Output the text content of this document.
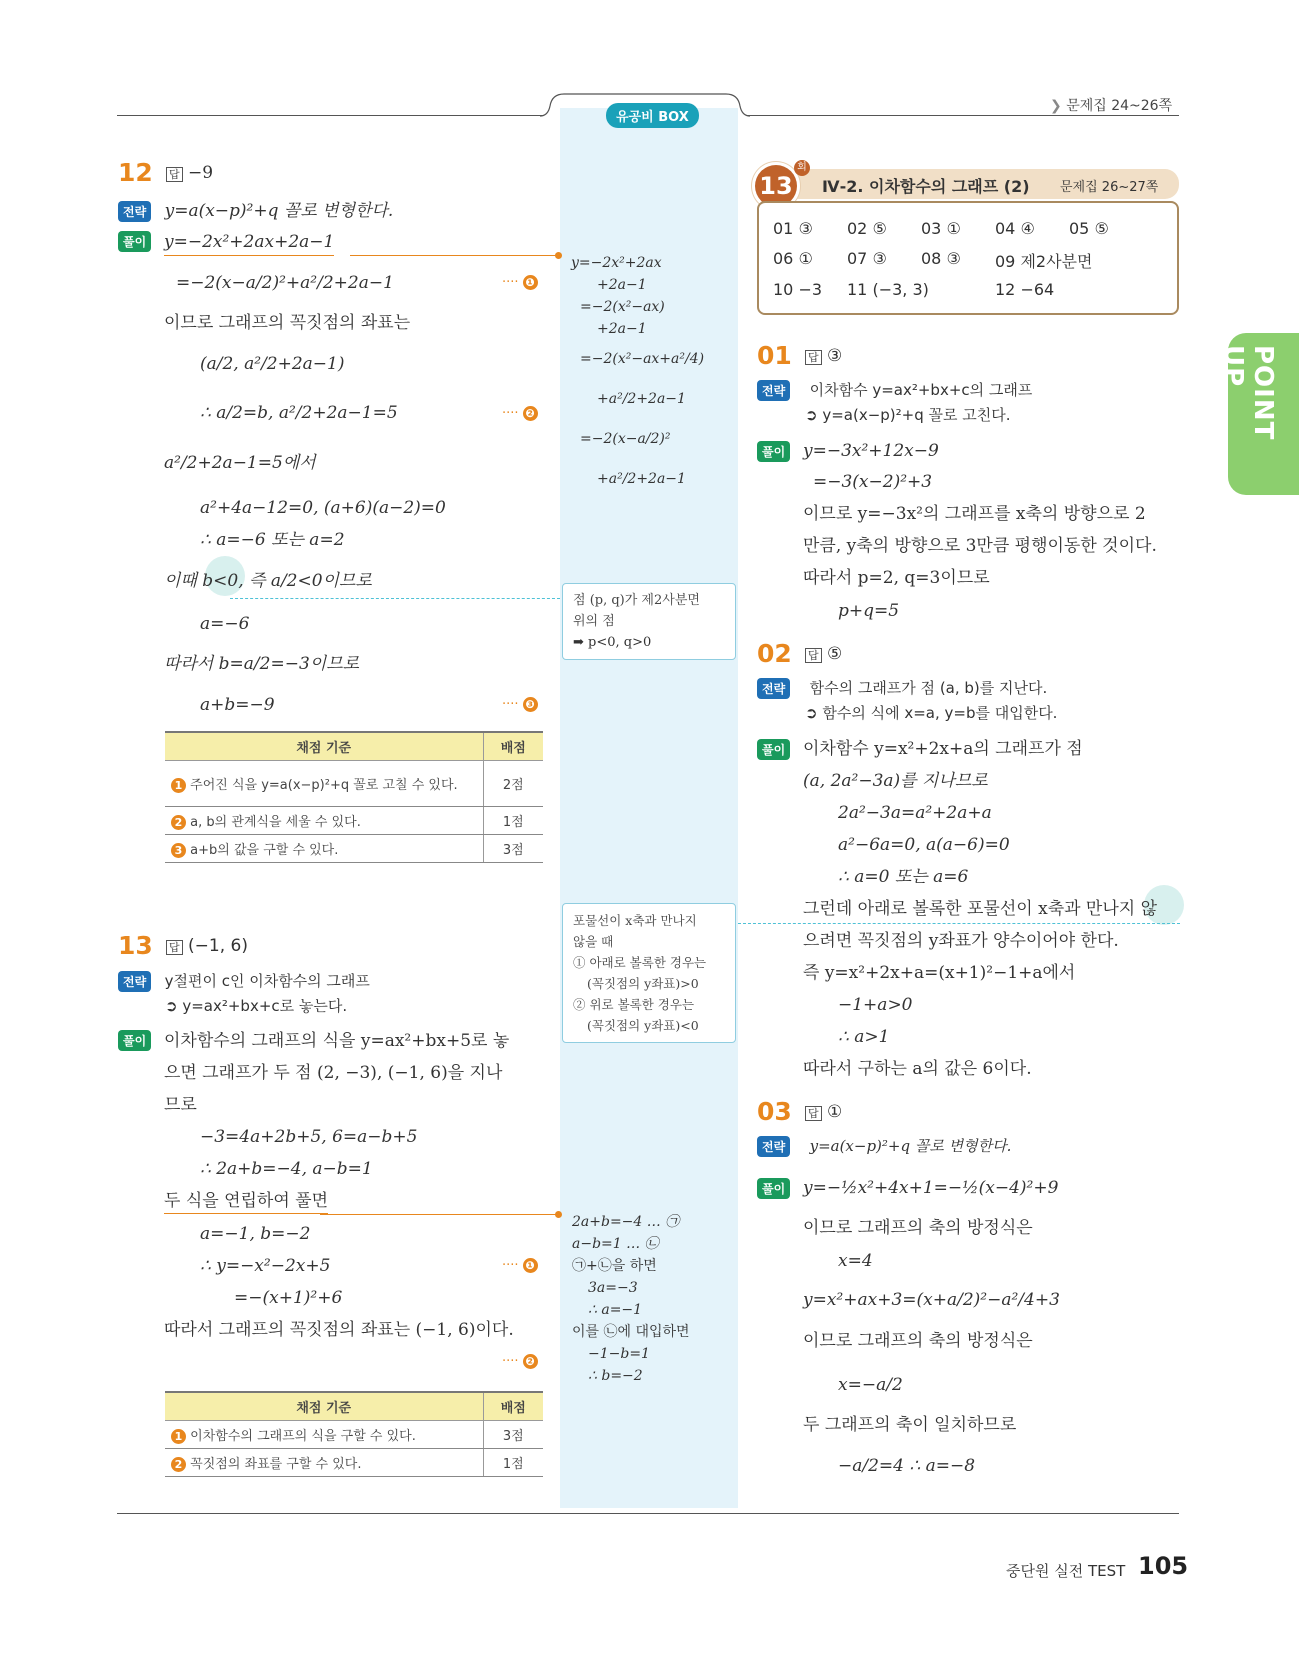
유공비 BOX
❯ 문제집 24~26쪽
12 답 −9
전략 y=a(x−p)²+q 꼴로 변형한다.
풀이 y=−2x²+2ax+2a−1
=−2(x−a/2)²+a²/2+2a−1	···· ❶
이므로 그래프의 꼭짓점의 좌표는
(a/2, a²/2+2a−1)
∴ a/2=b, a²/2+2a−1=5	···· ❷
a²/2+2a−1=5에서
a²+4a−12=0, (a+6)(a−2)=0
∴ a=−6 또는 a=2
이때 b<0, 즉 a/2<0이므로
a=−6
따라서 b=a/2=−3이므로
a+b=−9	···· ❸
채점 기준	배점
1 주어진 식을 y=a(x−p)²+q 꼴로 고칠 수 있다.	2점
2 a, b의 관계식을 세울 수 있다.	1점
3 a+b의 값을 구할 수 있다.	3점
13 답 (−1, 6)
전략 y절편이 c인 이차함수의 그래프
➲ y=ax²+bx+c로 놓는다.
풀이 이차함수의 그래프의 식을 y=ax²+bx+5로 놓
으면 그래프가 두 점 (2, −3), (−1, 6)을 지나
므로
−3=4a+2b+5, 6=a−b+5
∴ 2a+b=−4, a−b=1
두 식을 연립하여 풀면
a=−1, b=−2
∴ y=−x²−2x+5	···· ❶
=−(x+1)²+6
따라서 그래프의 꼭짓점의 좌표는 (−1, 6)이다.
···· ❷
채점 기준	배점
1 이차함수의 그래프의 식을 구할 수 있다.	3점
2 꼭짓점의 좌표를 구할 수 있다.	1점
y=−2x²+2ax
+2a−1
=−2(x²−ax)
+2a−1
=−2(x²−ax+a²/4)
+a²/2+2a−1
=−2(x−a/2)²
+a²/2+2a−1
점 (p, q)가 제2사분면
위의 점
➡ p<0, q>0
포물선이 x축과 만나지
않을 때
① 아래로 볼록한 경우는
(꼭짓점의 y좌표)>0
② 위로 볼록한 경우는
(꼭짓점의 y좌표)<0
2a+b=−4 … ㉠
a−b=1 … ㉡
㉠+㉡을 하면
3a=−3
∴ a=−1
이를 ㉡에 대입하면
−1−b=1
∴ b=−2
13
회
Ⅳ-2. 이차함수의 그래프 (2) 문제집 26~27쪽
01 ③ 02 ⑤ 03 ① 04 ④ 05 ⑤
06 ① 07 ③ 08 ③ 09 제2사분면
10 −3 11 (−3, 3)	12 −64
01 답 ③
전략 이차함수 y=ax²+bx+c의 그래프
➲ y=a(x−p)²+q 꼴로 고친다.
풀이 y=−3x²+12x−9
=−3(x−2)²+3
이므로 y=−3x²의 그래프를 x축의 방향으로 2
만큼, y축의 방향으로 3만큼 평행이동한 것이다.
따라서 p=2, q=3이므로
p+q=5
02 답 ⑤
전략 함수의 그래프가 점 (a, b)를 지난다.
➲ 함수의 식에 x=a, y=b를 대입한다.
풀이 이차함수 y=x²+2x+a의 그래프가 점
(a, 2a²−3a)를 지나므로
2a²−3a=a²+2a+a
a²−6a=0, a(a−6)=0
∴ a=0 또는 a=6
그런데 아래로 볼록한 포물선이 x축과 만나지 않
으려면 꼭짓점의 y좌표가 양수이어야 한다.
즉 y=x²+2x+a=(x+1)²−1+a에서
−1+a>0
∴ a>1
따라서 구하는 a의 값은 6이다.
03 답 ①
전략 y=a(x−p)²+q 꼴로 변형한다.
풀이 y=−½x²+4x+1=−½(x−4)²+9
이므로 그래프의 축의 방정식은
x=4
y=x²+ax+3=(x+a/2)²−a²/4+3
이므로 그래프의 축의 방정식은
x=−a/2
두 그래프의 축이 일치하므로
−a/2=4 ∴ a=−8
POINT UP
중단원 실전 TEST 105
